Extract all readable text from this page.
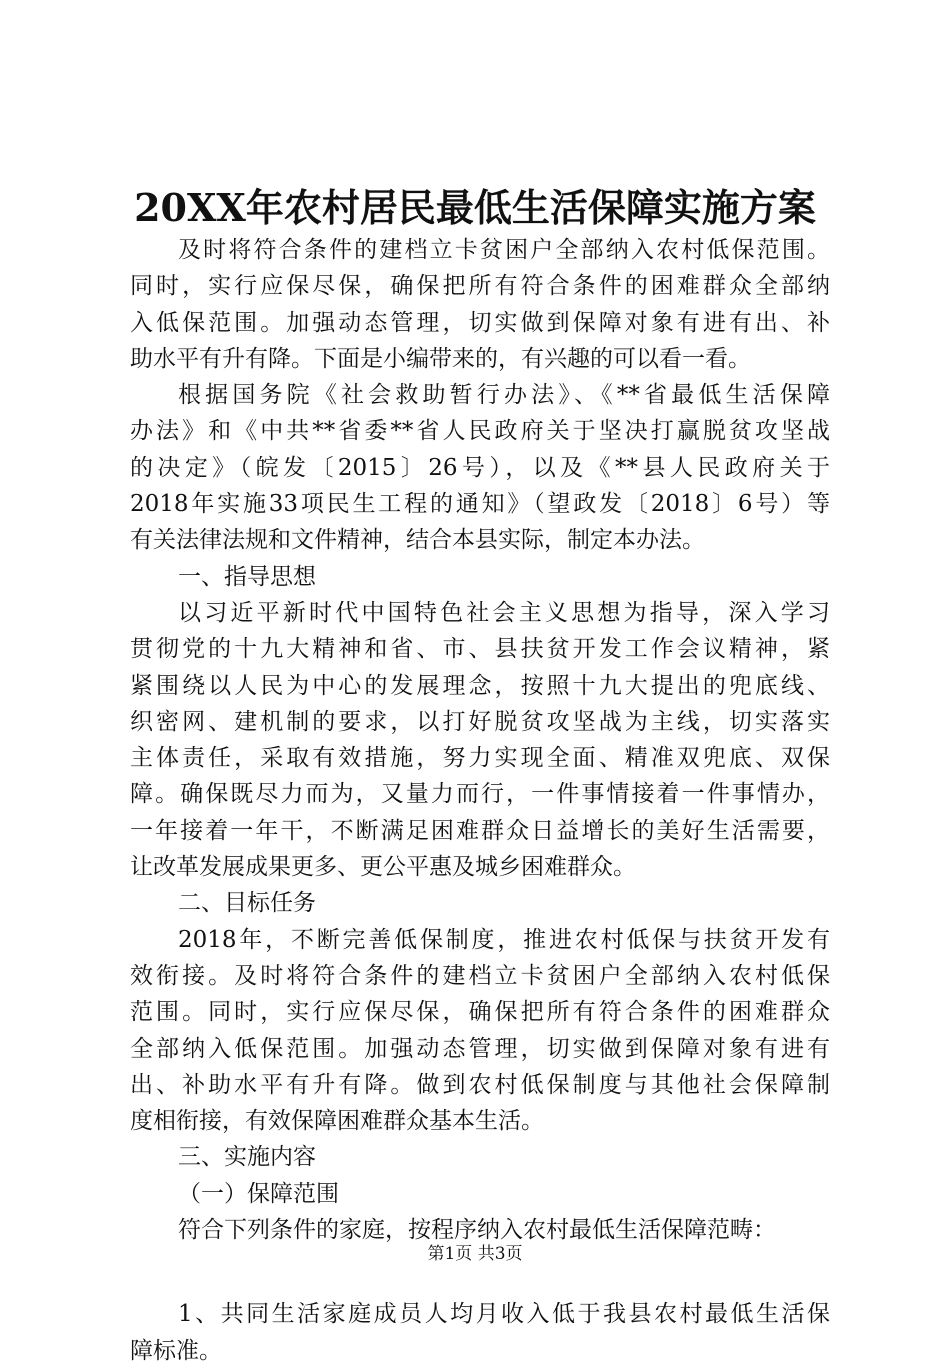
20XX年农村居民最低生活保障实施方案
及时将符合条件的建档立卡贫困户全部纳入农村低保范围。
同时，实行应保尽保，确保把所有符合条件的困难群众全部纳
入低保范围。加强动态管理，切实做到保障对象有进有出、补
助水平有升有降。下面是小编带来的，有兴趣的可以看一看。
根据国务院《社会救助暂行办法》、《**省最低生活保障
办法》和《中共**省委**省人民政府关于坚决打赢脱贫攻坚战
的决定》（皖发〔2015〕26号），以及《**县人民政府关于
2018年实施33项民生工程的通知》（望政发〔2018〕6号）等
有关法律法规和文件精神，结合本县实际，制定本办法。
一、指导思想
以习近平新时代中国特色社会主义思想为指导，深入学习
贯彻党的十九大精神和省、市、县扶贫开发工作会议精神，紧
紧围绕以人民为中心的发展理念，按照十九大提出的兜底线、
织密网、建机制的要求，以打好脱贫攻坚战为主线，切实落实
主体责任，采取有效措施，努力实现全面、精准双兜底、双保
障。确保既尽力而为，又量力而行，一件事情接着一件事情办，
一年接着一年干，不断满足困难群众日益增长的美好生活需要，
让改革发展成果更多、更公平惠及城乡困难群众。
二、目标任务
2018年，不断完善低保制度，推进农村低保与扶贫开发有
效衔接。及时将符合条件的建档立卡贫困户全部纳入农村低保
范围。同时，实行应保尽保，确保把所有符合条件的困难群众
全部纳入低保范围。加强动态管理，切实做到保障对象有进有
出、补助水平有升有降。做到农村低保制度与其他社会保障制
度相衔接，有效保障困难群众基本生活。
三、实施内容
（一）保障范围
符合下列条件的家庭，按程序纳入农村最低生活保障范畴：
1、共同生活家庭成员人均月收入低于我县农村最低生活保
障标准。
第1页 共3页
